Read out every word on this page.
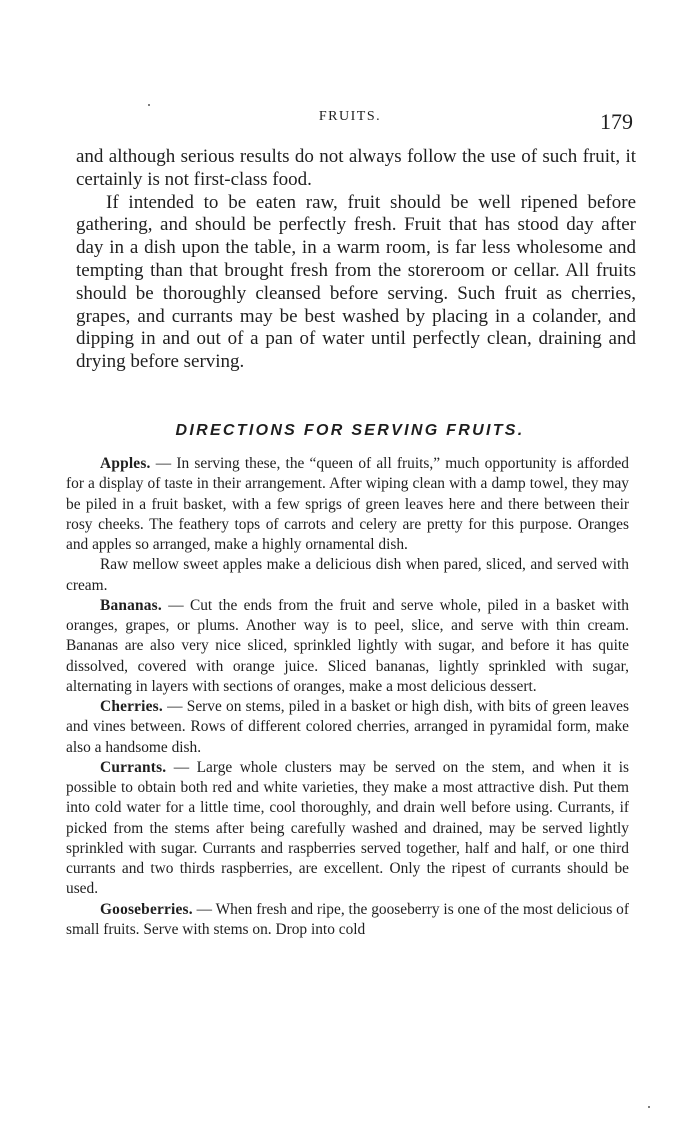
FRUITS.	179

and although serious results do not always follow the use of such fruit, it certainly is not first-class food.

If intended to be eaten raw, fruit should be well ripened before gathering, and should be perfectly fresh. Fruit that has stood day after day in a dish upon the table, in a warm room, is far less wholesome and tempting than that brought fresh from the storeroom or cellar. All fruits should be thoroughly cleansed before serving. Such fruit as cherries, grapes, and currants may be best washed by placing in a colander, and dipping in and out of a pan of water until perfectly clean, draining and drying before serving.

DIRECTIONS FOR SERVING FRUITS.

Apples. — In serving these, the “queen of all fruits,” much opportunity is afforded for a display of taste in their arrangement. After wiping clean with a damp towel, they may be piled in a fruit basket, with a few sprigs of green leaves here and there between their rosy cheeks. The feathery tops of carrots and celery are pretty for this purpose. Oranges and apples so arranged, make a highly ornamental dish.

Raw mellow sweet apples make a delicious dish when pared, sliced, and served with cream.

Bananas. — Cut the ends from the fruit and serve whole, piled in a basket with oranges, grapes, or plums. Another way is to peel, slice, and serve with thin cream. Bananas are also very nice sliced, sprinkled lightly with sugar, and before it has quite dissolved, covered with orange juice. Sliced bananas, lightly sprinkled with sugar, alternating in layers with sections of oranges, make a most delicious dessert.

Cherries. — Serve on stems, piled in a basket or high dish, with bits of green leaves and vines between. Rows of different colored cherries, arranged in pyramidal form, make also a handsome dish.

Currants. — Large whole clusters may be served on the stem, and when it is possible to obtain both red and white varieties, they make a most attractive dish. Put them into cold water for a little time, cool thoroughly, and drain well before using. Currants, if picked from the stems after being carefully washed and drained, may be served lightly sprinkled with sugar. Currants and raspberries served together, half and half, or one third currants and two thirds raspberries, are excellent. Only the ripest of currants should be used.

Gooseberries. — When fresh and ripe, the gooseberry is one of the most delicious of small fruits. Serve with stems on. Drop into cold
